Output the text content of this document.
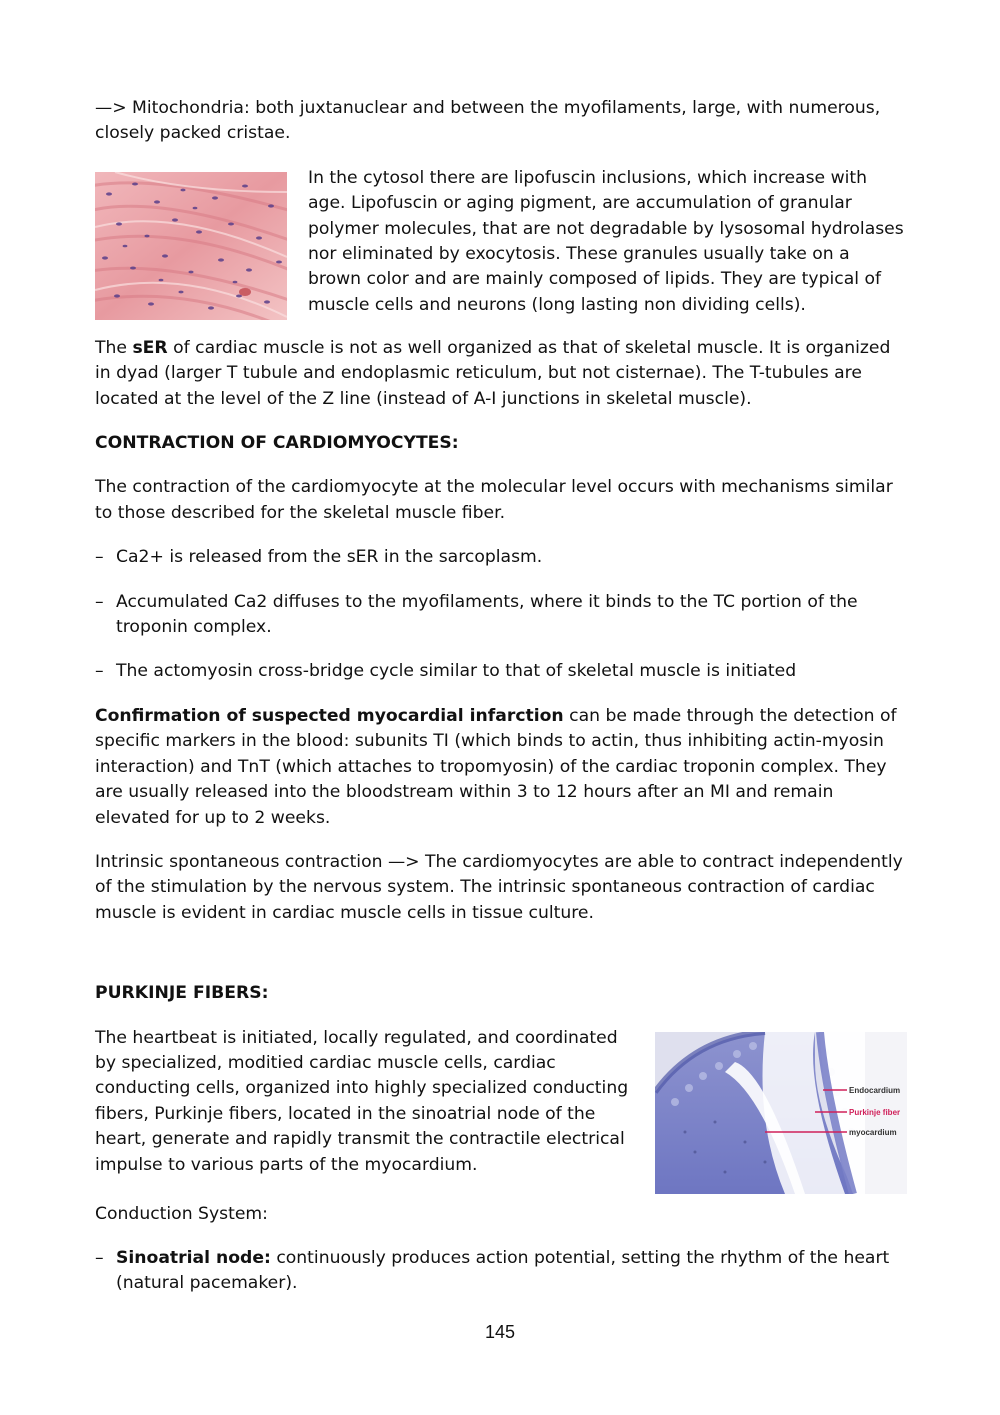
—> Mitochondria: both juxtanuclear and between the myofilaments, large, with numerous, closely packed cristae.

In the cytosol there are lipofuscin inclusions, which increase with age. Lipofuscin or aging pigment, are accumulation of granular polymer molecules, that are not degradable by lysosomal hydrolases nor eliminated by exocytosis. These granules usually take on a brown color and are mainly composed of lipids. They are typical of muscle cells and neurons (long lasting non dividing cells).

The sER of cardiac muscle is not as well organized as that of skeletal muscle. It is organized in dyad (larger T tubule and endoplasmic reticulum, but not cisternae). The T-tubules are located at the level of the Z line (instead of A-I junctions in skeletal muscle).

CONTRACTION OF CARDIOMYOCYTES:

The contraction of the cardiomyocyte at the molecular level occurs with mechanisms similar to those described for the skeletal muscle fiber.

– Ca2+ is released from the sER in the sarcoplasm.

– Accumulated Ca2 diffuses to the myofilaments, where it binds to the TC portion of the troponin complex.

– The actomyosin cross-bridge cycle similar to that of skeletal muscle is initiated

Confirmation of suspected myocardial infarction can be made through the detection of specific markers in the blood: subunits TI (which binds to actin, thus inhibiting actin-myosin interaction) and TnT (which attaches to tropomyosin) of the cardiac troponin complex. They are usually released into the bloodstream within 3 to 12 hours after an MI and remain elevated for up to 2 weeks.

Intrinsic spontaneous contraction —> The cardiomyocytes are able to contract independently of the stimulation by the nervous system. The intrinsic spontaneous contraction of cardiac muscle is evident in cardiac muscle cells in tissue culture.

PURKINJE FIBERS:

Endocardium
Purkinje fiber
myocardium

The heartbeat is initiated, locally regulated, and coordinated by specialized, moditied cardiac muscle cells, cardiac conducting cells, organized into highly specialized conducting fibers, Purkinje fibers, located in the sinoatrial node of the heart, generate and rapidly transmit the contractile electrical impulse to various parts of the myocardium.

Conduction System:

– Sinoatrial node: continuously produces action potential, setting the rhythm of the heart (natural pacemaker).

145
